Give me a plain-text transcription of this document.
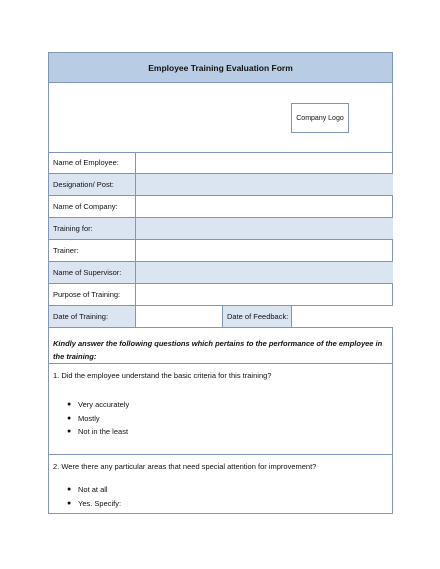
Employee Training Evaluation Form
Company Logo
Name of Employee:
Designation/ Post:
Name of Company:
Training for:
Trainer:
Name of Supervisor:
Purpose of Training:
Date of Training:	Date of Feedback:
Kindly answer the following questions which pertains to the performance of the employee in the training:
1. Did the employee understand the basic criteria for this training?
● Very accurately
● Mostly
● Not in the least
2. Were there any particular areas that need special attention for improvement?
● Not at all
● Yes. Specify:
